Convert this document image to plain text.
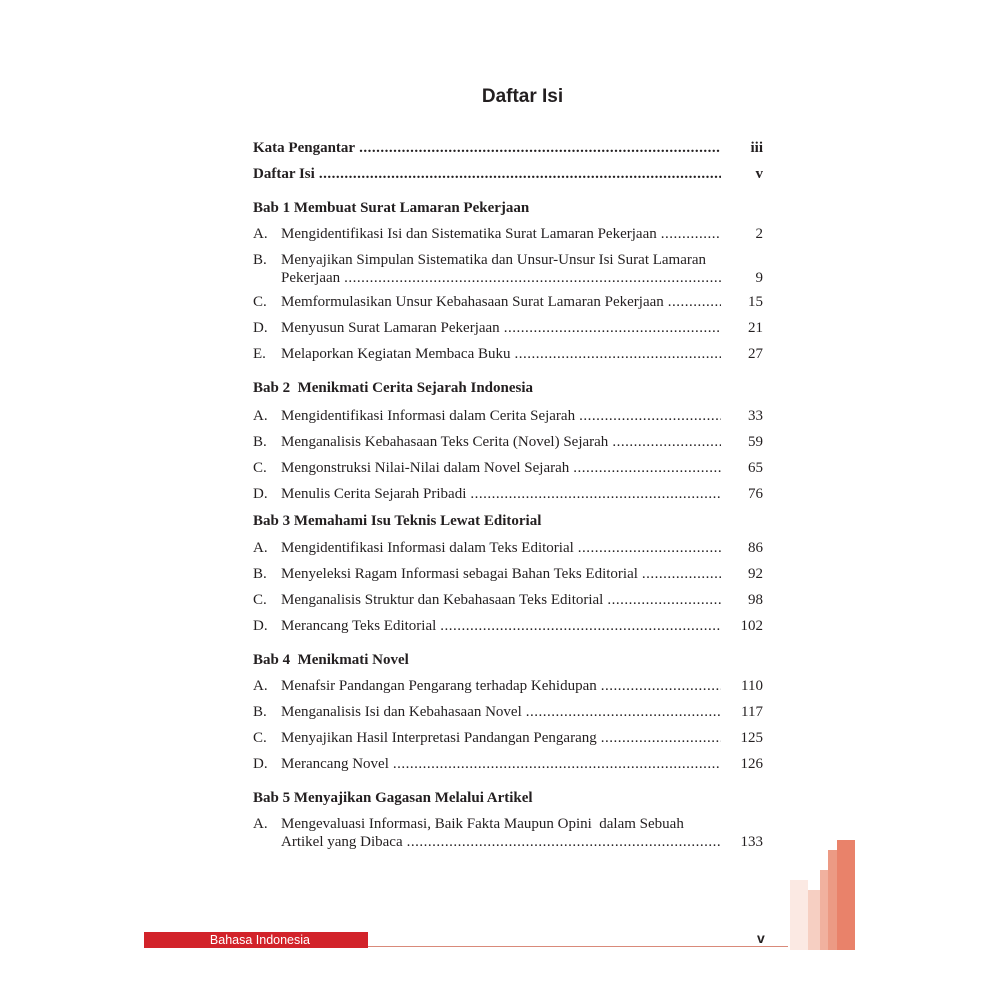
Daftar Isi
Kata Pengantar .....	iii
Daftar Isi .....	v
Bab 1 Membuat Surat Lamaran Pekerjaan
A. Mengidentifikasi Isi dan Sistematika Surat Lamaran Pekerjaan .....	2
B. Menyajikan Simpulan Sistematika dan Unsur-Unsur Isi Surat Lamaran
Pekerjaan .....	9
C. Memformulasikan Unsur Kebahasaan Surat Lamaran Pekerjaan .....	15
D. Menyusun Surat Lamaran Pekerjaan .....	21
E.	Melaporkan Kegiatan Membaca Buku .....	27
Bab 2  Menikmati Cerita Sejarah Indonesia
A. Mengidentifikasi Informasi dalam Cerita Sejarah .....	33
B. Menganalisis Kebahasaan Teks Cerita (Novel) Sejarah .....	59
C. Mengonstruksi Nilai-Nilai dalam Novel Sejarah .....	65
D. Menulis Cerita Sejarah Pribadi .....	76
Bab 3 Memahami Isu Teknis Lewat Editorial
A. Mengidentifikasi Informasi dalam Teks Editorial .....	86
B. Menyeleksi Ragam Informasi sebagai Bahan Teks Editorial .....	92
C. Menganalisis Struktur dan Kebahasaan Teks Editorial .....	98
D. Merancang Teks Editorial .....	102
Bab 4  Menikmati Novel
A. Menafsir Pandangan Pengarang terhadap Kehidupan .....	110
B. Menganalisis Isi dan Kebahasaan Novel .....	117
C. Menyajikan Hasil Interpretasi Pandangan Pengarang .....	125
D. Merancang Novel .....	126
Bab 5 Menyajikan Gagasan Melalui Artikel
A. Mengevaluasi Informasi, Baik Fakta Maupun Opini  dalam Sebuah
Artikel yang Dibaca .....	133
Bahasa Indonesia	v
